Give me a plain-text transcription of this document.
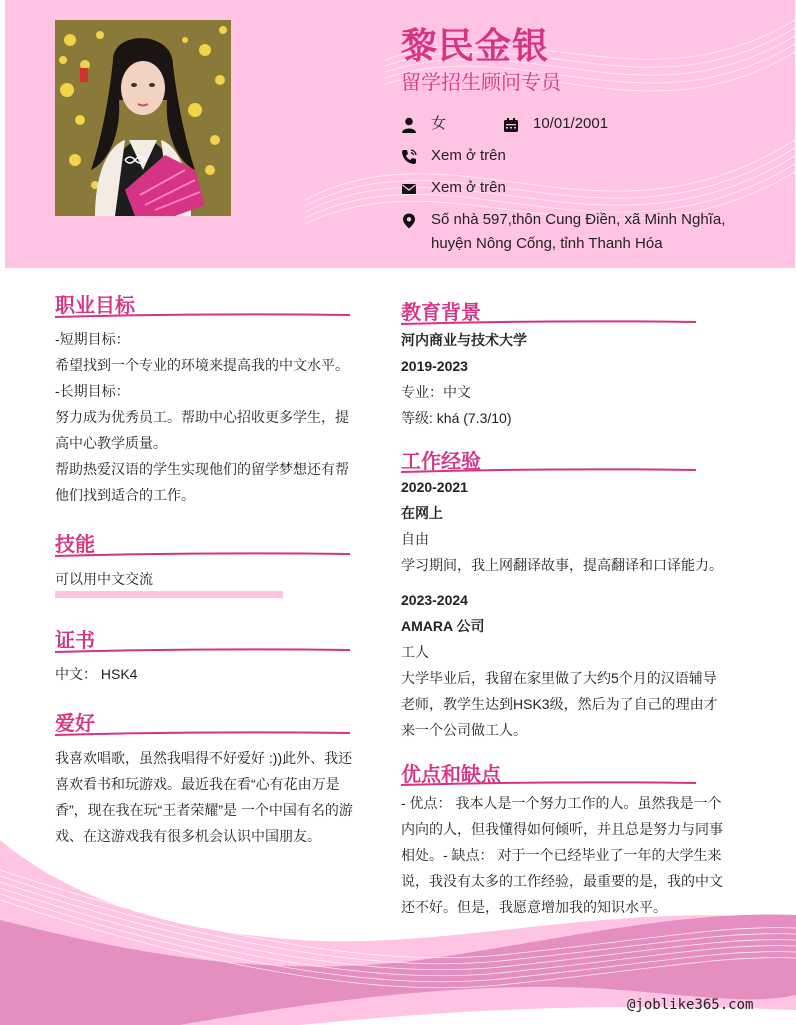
黎民金银
留学招生顾问专员
女	10/01/2001
Xem ở trên
Xem ở trên
Số nhà 597,thôn Cung Điền, xã Minh Nghĩa,
huyện Nông Cống, tỉnh Thanh Hóa
职业目标
-短期目标：
希望找到一个专业的环境来提高我的中文水平。
-长期目标：
努力成为优秀员工。帮助中心招收更多学生，提
高中心教学质量。
帮助热爱汉语的学生实现他们的留学梦想还有帮
他们找到适合的工作。
技能
可以用中文交流
证书
中文： HSK4
爱好
我喜欢唱歌，虽然我唱得不好爱好 :))此外、我还
喜欢看书和玩游戏。最近我在看“心有花由万是
香”，现在我在玩“王者荣耀”是 一个中国有名的游
戏、在这游戏我有很多机会认识中国朋友。
教育背景
河内商业与技术大学
2019-2023
专业：中文
等级: khá (7.3/10)
工作经验
2020-2021
在网上
自由
学习期间，我上网翻译故事，提高翻译和口译能力。
2023-2024
AMARA 公司
工人
大学毕业后，我留在家里做了大约5个月的汉语辅导
老师，教学生达到HSK3级，然后为了自己的理由才
来一个公司做工人。
优点和缺点
- 优点： 我本人是一个努力工作的人。虽然我是一个
内向的人，但我懂得如何倾听，并且总是努力与同事
相处。- 缺点： 对于一个已经毕业了一年的大学生来
说，我没有太多的工作经验，最重要的是，我的中文
还不好。但是，我愿意增加我的知识水平。
@joblike365.com
